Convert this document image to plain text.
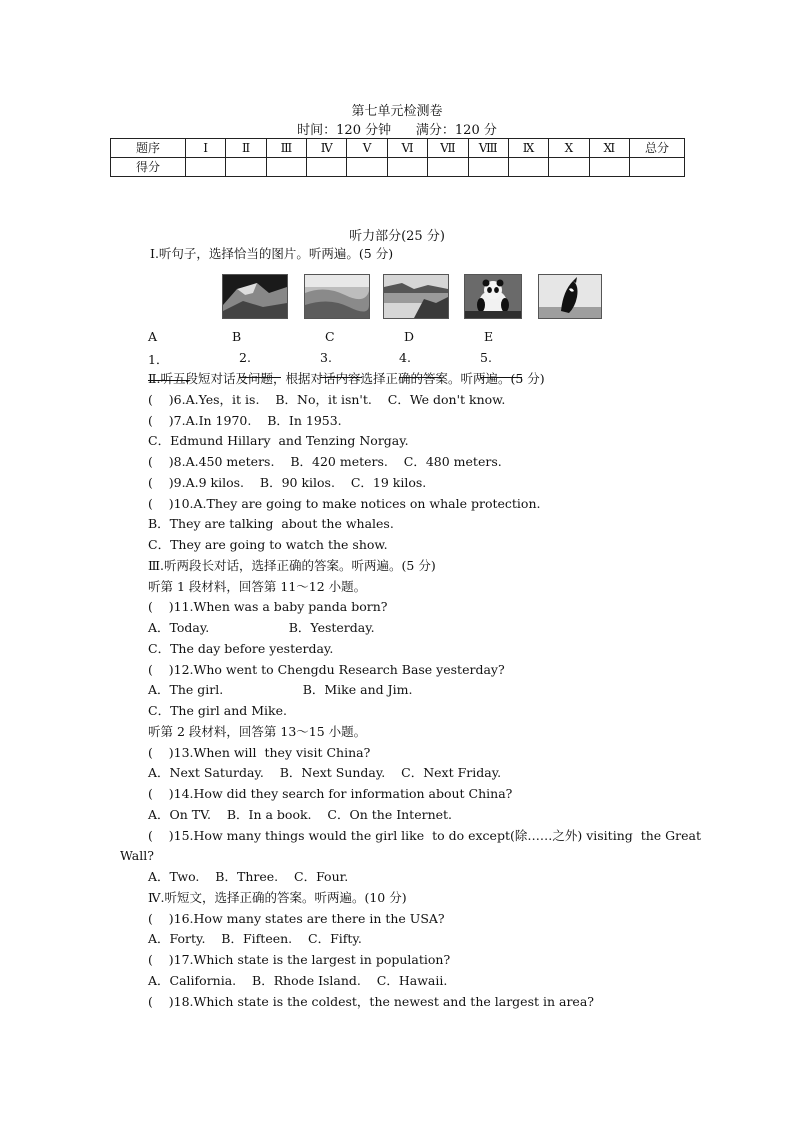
第七单元检测卷
时间：120 分钟      满分：120 分
题序	Ⅰ	Ⅱ	Ⅲ	Ⅳ	Ⅴ	Ⅵ	Ⅶ	Ⅷ	Ⅸ	Ⅹ	Ⅺ	总分
得分												
听力部分(25 分)
Ⅰ.听句子，选择恰当的图片。听两遍。(5 分)
A	B	C	D	E
1．	2.	3.	4.	5.
Ⅱ.听五段短对话及问题，根据对话内容选择正确的答案。听两遍。(5 分)
(    )6.A.Yes，it is.    B．No，it isn't.    C．We don't know.
(    )7.A.In 1970.    B．In 1953.
C．Edmund Hillary  and Tenzing Norgay.
(    )8.A.450 meters.    B．420 meters.    C．480 meters.
(    )9.A.9 kilos.    B．90 kilos.    C．19 kilos.
(    )10.A.They are going to make notices on whale protection.
B．They are talking  about the whales.
C．They are going to watch the show.
Ⅲ.听两段长对话，选择正确的答案。听两遍。(5 分)
听第 1 段材料，回答第 11～12 小题。
(    )11.When was a baby panda born?
A．Today.                    B．Yesterday.
C．The day before yesterday.
(    )12.Who went to Chengdu Research Base yesterday?
A．The girl.                    B．Mike and Jim.
C．The girl and Mike.
听第 2 段材料，回答第 13～15 小题。
(    )13.When will  they visit China?
A．Next Saturday.    B．Next Sunday.    C．Next Friday.
(    )14.How did they search for information about China?
A．On TV.    B．In a book.    C．On the Internet.
(    )15.How many things would the girl like  to do except(除……之外) visiting  the Great
Wall?
A．Two.    B．Three.    C．Four.
Ⅳ.听短文，选择正确的答案。听两遍。(10 分)
(    )16.How many states are there in the USA?
A．Forty.    B．Fifteen.    C．Fifty.
(    )17.Which state is the largest in population?
A．California.    B．Rhode Island.    C．Hawaii.
(    )18.Which state is the coldest，the newest and the largest in area?
